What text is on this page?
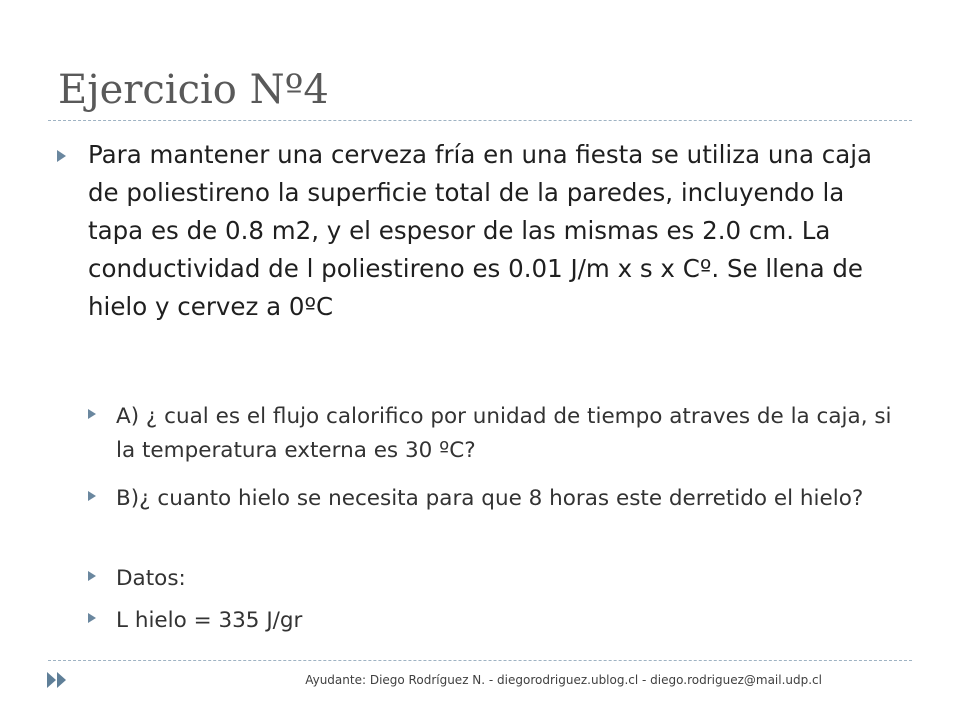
Ejercicio Nº4

Para mantener una cerveza fría en una fiesta se utiliza una caja de poliestireno la superficie total de la paredes, incluyendo la tapa es de 0.8 m2, y el espesor de las mismas es 2.0 cm. La conductividad de l poliestireno es 0.01 J/m x s x Cº. Se llena de hielo y cervez a 0ºC

A) ¿ cual es el flujo calorifico por unidad de tiempo atraves de la caja, si la temperatura externa es 30 ºC?

B)¿ cuanto hielo se necesita para que 8 horas este derretido el hielo?

Datos:

L hielo = 335 J/gr

Ayudante: Diego Rodríguez N. - diegorodriguez.ublog.cl - diego.rodriguez@mail.udp.cl
